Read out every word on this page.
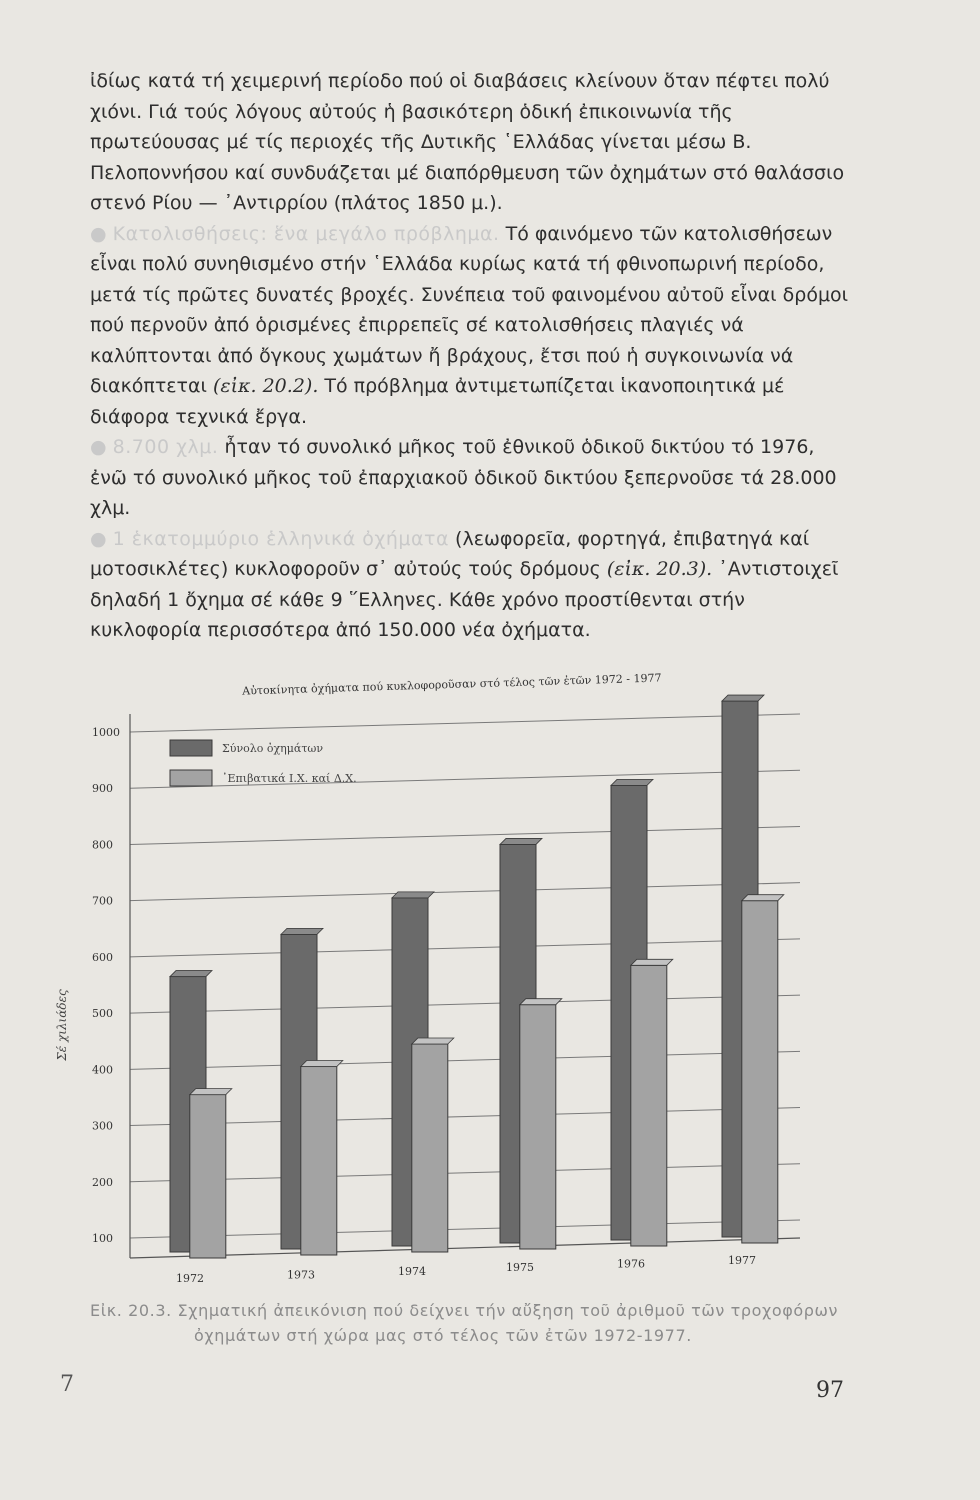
ἰδίως κατά τή χειμερινή περίοδο πού οἱ διαβάσεις κλείνουν ὅταν πέφτει πολύ χιόνι. Γιά τούς λόγους αὐτούς ἡ βασικότερη ὁδική ἐπικοινωνία τῆς πρωτεύουσας μέ τίς περιοχές τῆς Δυτικῆς ῾Ελλάδας γίνεται μέσω Β. Πελοποννήσου καί συνδυάζεται μέ διαπόρθμευση τῶν ὀχημάτων στό θαλάσσιο στενό Ρίου — ᾿Αντιρρίου (πλάτος 1850 μ.).

● Κατολισθήσεις: ἕνα μεγάλο πρόβλημα. Τό φαινόμενο τῶν κατολισθήσεων εἶναι πολύ συνηθισμένο στήν ῾Ελλάδα κυρίως κατά τή φθινοπωρινή περίοδο, μετά τίς πρῶτες δυνατές βροχές. Συνέπεια τοῦ φαινομένου αὐτοῦ εἶναι δρόμοι πού περνοῦν ἀπό ὁρισμένες ἐπιρρεπεῖς σέ κατολισθήσεις πλαγιές νά καλύπτονται ἀπό ὄγκους χωμάτων ἤ βράχους, ἔτσι πού ἡ συγκοινωνία νά διακόπτεται (εἰκ. 20.2). Τό πρόβλημα ἀντιμετωπίζεται ἱκανοποιητικά μέ διάφορα τεχνικά ἔργα.

● 8.700 χλμ. ἦταν τό συνολικό μῆκος τοῦ ἐθνικοῦ ὁδικοῦ δικτύου τό 1976, ἐνῶ τό συνολικό μῆκος τοῦ ἐπαρχιακοῦ ὁδικοῦ δικτύου ξεπερνοῦσε τά 28.000 χλμ.

● 1 ἑκατομμύριο ἑλληνικά ὀχήματα (λεωφορεῖα, φορτηγά, ἐπιβατηγά καί μοτοσικλέτες) κυκλοφοροῦν σ᾿ αὐτούς τούς δρόμους (εἰκ. 20.3). ᾿Αντιστοιχεῖ δηλαδή 1 ὄχημα σέ κάθε 9 ῞Ελληνες. Κάθε χρόνο προστίθενται στήν κυκλοφορία περισσότερα ἀπό 150.000 νέα ὀχήματα.

Αὐτοκίνητα ὀχήματα πού κυκλοφοροῦσαν στό τέλος τῶν ἐτῶν 1972 - 1977
100
200
300
400
500
600
700
800
900
1000
Σέ χιλιάδες
1972	1973	1974	1975	1976	1977
Σύνολο ὀχημάτων
᾿Επιβατικά Ι.Χ. καί Δ.Χ.
Εἰκ. 20.3. Σχηματική ἀπεικόνιση πού δείχνει τήν αὔξηση τοῦ ἀριθμοῦ τῶν τροχοφόρων
ὀχημάτων στή χώρα μας στό τέλος τῶν ἐτῶν 1972-1977.
7	97
